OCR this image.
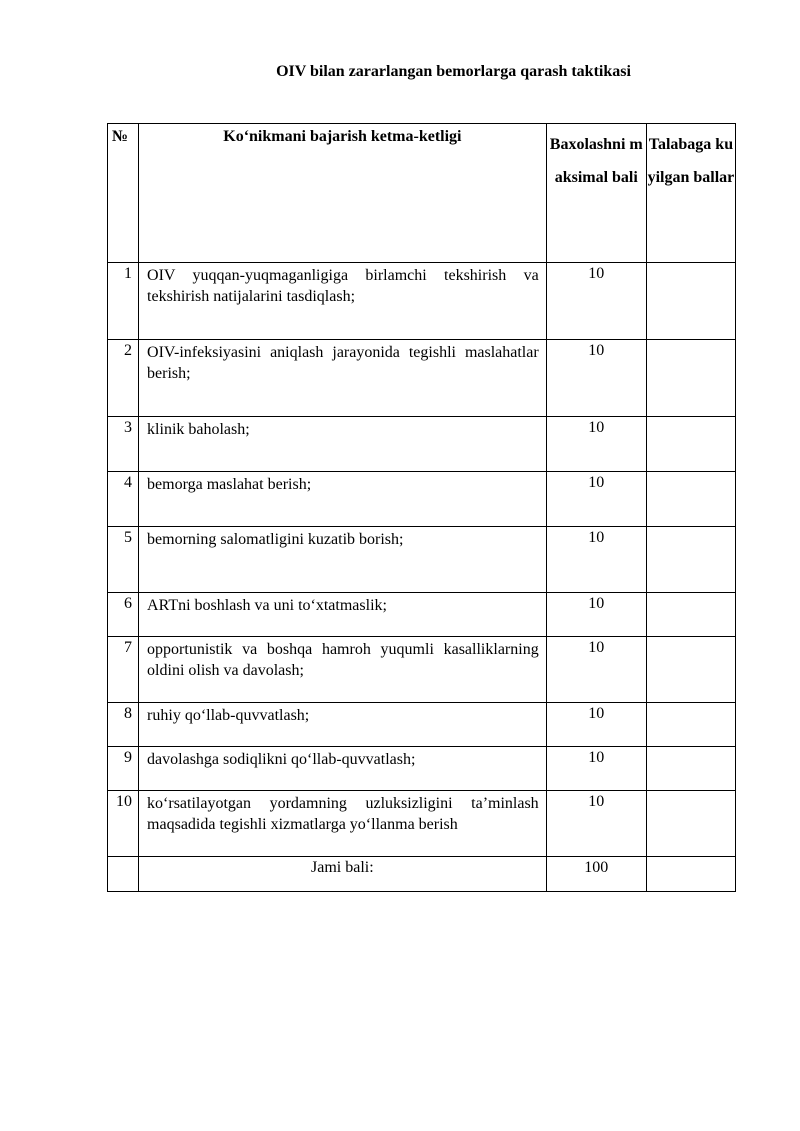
OIV bilan zararlangan bemorlarga qarash taktikasi
№	Ko‘nikmani bajarish ketma-ketligi	Baxolashni maksimal bali	Talabaga kuyilgan ballar
1	OIV yuqqan-yuqmaganligiga birlamchi tekshirish va tekshirish natijalarini tasdiqlash;	10	
2	OIV-infeksiyasini aniqlash jarayonida tegishli maslahatlar berish;	10	
3	klinik baholash;	10	
4	bemorga maslahat berish;	10	
5	bemorning salomatligini kuzatib borish;	10	
6	ARTni boshlash va uni to‘xtatmaslik;	10	
7	opportunistik va boshqa hamroh yuqumli kasalliklarning oldini olish va davolash;	10	
8	ruhiy qo‘llab-quvvatlash;	10	
9	davolashga sodiqlikni qo‘llab-quvvatlash;	10	
10	ko‘rsatilayotgan yordamning uzluksizligini ta’minlash maqsadida tegishli xizmatlarga yo‘llanma berish	10	
	Jami bali:	100	
